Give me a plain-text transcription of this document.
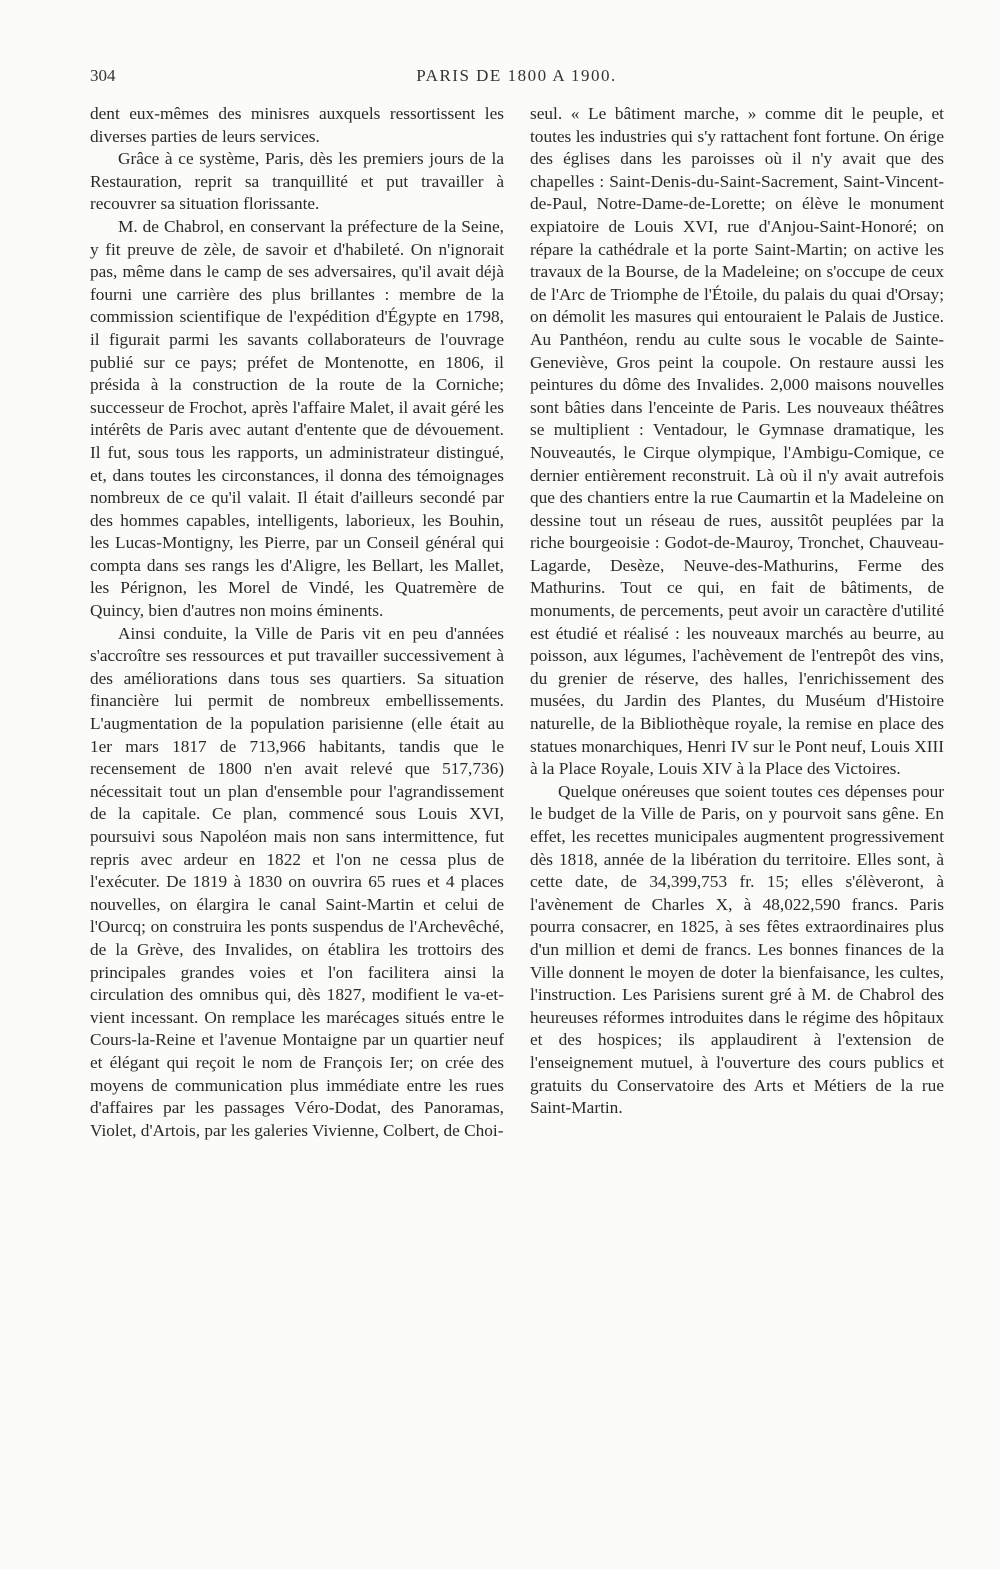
304	PARIS DE 1800 A 1900.

dent eux-mêmes des minisres auxquels ressortissent les diverses parties de leurs services.

Grâce à ce système, Paris, dès les premiers jours de la Restauration, reprit sa tranquillité et put travailler à recouvrer sa situation florissante.

M. de Chabrol, en conservant la préfecture de la Seine, y fit preuve de zèle, de savoir et d'habileté. On n'ignorait pas, même dans le camp de ses adversaires, qu'il avait déjà fourni une carrière des plus brillantes : membre de la commission scientifique de l'expédition d'Égypte en 1798, il figurait parmi les savants collaborateurs de l'ouvrage publié sur ce pays; préfet de Montenotte, en 1806, il présida à la construction de la route de la Corniche; successeur de Frochot, après l'affaire Malet, il avait géré les intérêts de Paris avec autant d'entente que de dévouement. Il fut, sous tous les rapports, un administrateur distingué, et, dans toutes les circonstances, il donna des témoignages nombreux de ce qu'il valait. Il était d'ailleurs secondé par des hommes capables, intelligents, laborieux, les Bouhin, les Lucas-Montigny, les Pierre, par un Conseil général qui compta dans ses rangs les d'Aligre, les Bellart, les Mallet, les Pérignon, les Morel de Vindé, les Quatremère de Quincy, bien d'autres non moins éminents.

Ainsi conduite, la Ville de Paris vit en peu d'années s'accroître ses ressources et put travailler successivement à des améliorations dans tous ses quartiers. Sa situation financière lui permit de nombreux embellissements. L'augmentation de la population parisienne (elle était au 1er mars 1817 de 713,966 habitants, tandis que le recensement de 1800 n'en avait relevé que 517,736) nécessitait tout un plan d'ensemble pour l'agrandissement de la capitale. Ce plan, commencé sous Louis XVI, poursuivi sous Napoléon mais non sans intermittence, fut repris avec ardeur en 1822 et l'on ne cessa plus de l'exécuter. De 1819 à 1830 on ouvrira 65 rues et 4 places nouvelles, on élargira le canal Saint-Martin et celui de l'Ourcq; on construira les ponts suspendus de l'Archevêché, de la Grève, des Invalides, on établira les trottoirs des principales grandes voies et l'on facilitera ainsi la circulation des omnibus qui, dès 1827, modifient le va-et-vient incessant. On remplace les marécages situés entre le Cours-la-Reine et l'avenue Montaigne par un quartier neuf et élégant qui reçoit le nom de François Ier; on crée des moyens de communication plus immédiate entre les rues d'affaires par les passages Véro-Dodat, des Panoramas, Violet, d'Artois, par les galeries Vivienne, Colbert, de Choi-

seul. « Le bâtiment marche, » comme dit le peuple, et toutes les industries qui s'y rattachent font fortune. On érige des églises dans les paroisses où il n'y avait que des chapelles : Saint-Denis-du-Saint-Sacrement, Saint-Vincent-de-Paul, Notre-Dame-de-Lorette; on élève le monument expiatoire de Louis XVI, rue d'Anjou-Saint-Honoré; on répare la cathédrale et la porte Saint-Martin; on active les travaux de la Bourse, de la Madeleine; on s'occupe de ceux de l'Arc de Triomphe de l'Étoile, du palais du quai d'Orsay; on démolit les masures qui entouraient le Palais de Justice. Au Panthéon, rendu au culte sous le vocable de Sainte-Geneviève, Gros peint la coupole. On restaure aussi les peintures du dôme des Invalides. 2,000 maisons nouvelles sont bâties dans l'enceinte de Paris. Les nouveaux théâtres se multiplient : Ventadour, le Gymnase dramatique, les Nouveautés, le Cirque olympique, l'Ambigu-Comique, ce dernier entièrement reconstruit. Là où il n'y avait autrefois que des chantiers entre la rue Caumartin et la Madeleine on dessine tout un réseau de rues, aussitôt peuplées par la riche bourgeoisie : Godot-de-Mauroy, Tronchet, Chauveau-Lagarde, Desèze, Neuve-des-Mathurins, Ferme des Mathurins. Tout ce qui, en fait de bâtiments, de monuments, de percements, peut avoir un caractère d'utilité est étudié et réalisé : les nouveaux marchés au beurre, au poisson, aux légumes, l'achèvement de l'entrepôt des vins, du grenier de réserve, des halles, l'enrichissement des musées, du Jardin des Plantes, du Muséum d'Histoire naturelle, de la Bibliothèque royale, la remise en place des statues monarchiques, Henri IV sur le Pont neuf, Louis XIII à la Place Royale, Louis XIV à la Place des Victoires.

Quelque onéreuses que soient toutes ces dépenses pour le budget de la Ville de Paris, on y pourvoit sans gêne. En effet, les recettes municipales augmentent progressivement dès 1818, année de la libération du territoire. Elles sont, à cette date, de 34,399,753 fr. 15; elles s'élèveront, à l'avènement de Charles X, à 48,022,590 francs. Paris pourra consacrer, en 1825, à ses fêtes extraordinaires plus d'un million et demi de francs. Les bonnes finances de la Ville donnent le moyen de doter la bienfaisance, les cultes, l'instruction. Les Parisiens surent gré à M. de Chabrol des heureuses réformes introduites dans le régime des hôpitaux et des hospices; ils applaudirent à l'extension de l'enseignement mutuel, à l'ouverture des cours publics et gratuits du Conservatoire des Arts et Métiers de la rue Saint-Martin.
